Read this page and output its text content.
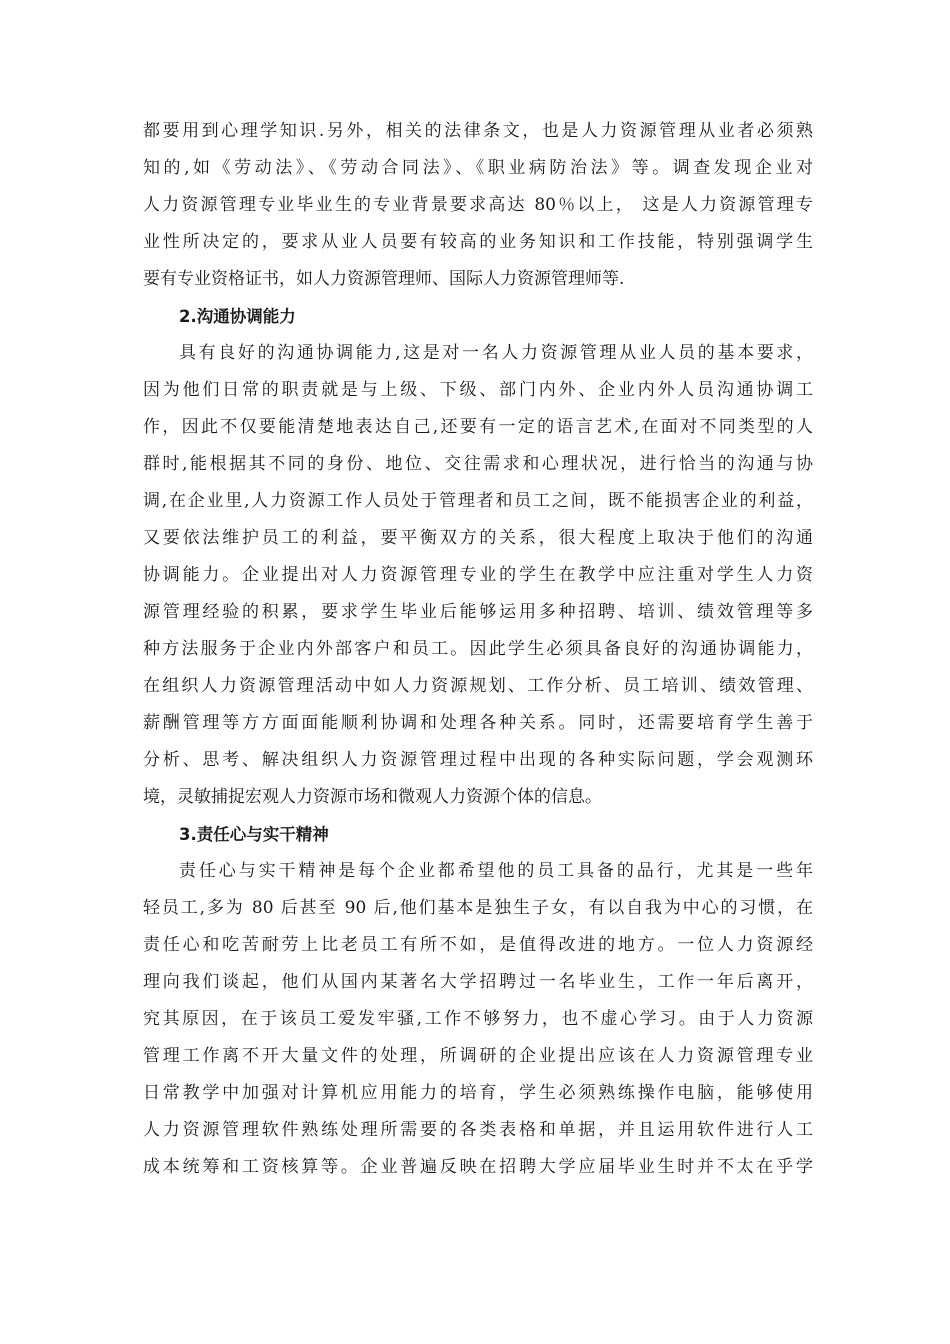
都要用到心理学知识.另外，相关的法律条文，也是人力资源管理从业者必须熟
知的,如《劳动法》、《劳动合同法》、《职业病防治法》等。调查发现企业对
人力资源管理专业毕业生的专业背景要求高达 80％以上， 这是人力资源管理专
业性所决定的，要求从业人员要有较高的业务知识和工作技能，特别强调学生
要有专业资格证书，如人力资源管理师、国际人力资源管理师等.
2.沟通协调能力
具有良好的沟通协调能力,这是对一名人力资源管理从业人员的基本要求，
因为他们日常的职责就是与上级、下级、部门内外、企业内外人员沟通协调工
作，因此不仅要能清楚地表达自己,还要有一定的语言艺术,在面对不同类型的人
群时,能根据其不同的身份、地位、交往需求和心理状况，进行恰当的沟通与协
调,在企业里,人力资源工作人员处于管理者和员工之间，既不能损害企业的利益，
又要依法维护员工的利益，要平衡双方的关系，很大程度上取决于他们的沟通
协调能力。企业提出对人力资源管理专业的学生在教学中应注重对学生人力资
源管理经验的积累，要求学生毕业后能够运用多种招聘、培训、绩效管理等多
种方法服务于企业内外部客户和员工。因此学生必须具备良好的沟通协调能力，
在组织人力资源管理活动中如人力资源规划、工作分析、员工培训、绩效管理、
薪酬管理等方方面面能顺利协调和处理各种关系。同时，还需要培育学生善于
分析、思考、解决组织人力资源管理过程中出现的各种实际问题，学会观测环
境，灵敏捕捉宏观人力资源市场和微观人力资源个体的信息。
3.责任心与实干精神
责任心与实干精神是每个企业都希望他的员工具备的品行，尤其是一些年
轻员工,多为 80 后甚至 90 后,他们基本是独生子女，有以自我为中心的习惯，在
责任心和吃苦耐劳上比老员工有所不如，是值得改进的地方。一位人力资源经
理向我们谈起，他们从国内某著名大学招聘过一名毕业生，工作一年后离开，
究其原因，在于该员工爱发牢骚,工作不够努力，也不虚心学习。由于人力资源
管理工作离不开大量文件的处理，所调研的企业提出应该在人力资源管理专业
日常教学中加强对计算机应用能力的培育，学生必须熟练操作电脑，能够使用
人力资源管理软件熟练处理所需要的各类表格和单据，并且运用软件进行人工
成本统筹和工资核算等。企业普遍反映在招聘大学应届毕业生时并不太在乎学
